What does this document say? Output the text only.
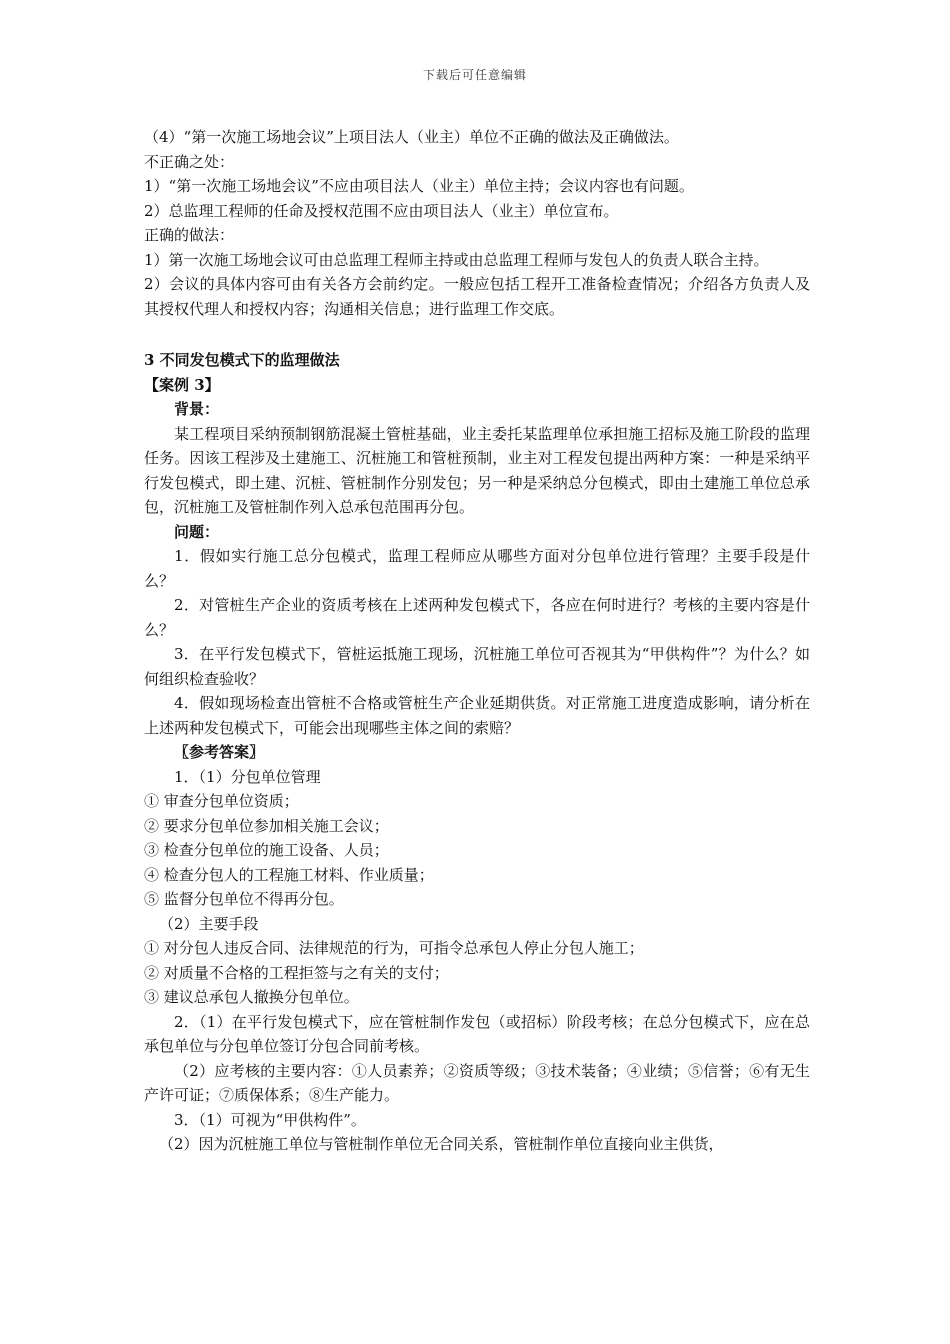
下载后可任意编辑

（4）“第一次施工场地会议”上项目法人（业主）单位不正确的做法及正确做法。

不正确之处：

1）“第一次施工场地会议”不应由项目法人（业主）单位主持；会议内容也有问题。

2）总监理工程师的任命及授权范围不应由项目法人（业主）单位宣布。

正确的做法：

1）第一次施工场地会议可由总监理工程师主持或由总监理工程师与发包人的负责人联合主持。

2）会议的具体内容可由有关各方会前约定。一般应包括工程开工准备检查情况；介绍各方负责人及其授权代理人和授权内容；沟通相关信息；进行监理工作交底。

3 不同发包模式下的监理做法

【案例 3】

背景：

某工程项目采纳预制钢筋混凝土管桩基础，业主委托某监理单位承担施工招标及施工阶段的监理任务。因该工程涉及土建施工、沉桩施工和管桩预制，业主对工程发包提出两种方案：一种是采纳平行发包模式，即土建、沉桩、管桩制作分别发包；另一种是采纳总分包模式，即由土建施工单位总承包，沉桩施工及管桩制作列入总承包范围再分包。

问题：

1．假如实行施工总分包模式，监理工程师应从哪些方面对分包单位进行管理？主要手段是什么？

2．对管桩生产企业的资质考核在上述两种发包模式下，各应在何时进行？考核的主要内容是什么？

3．在平行发包模式下，管桩运抵施工现场，沉桩施工单位可否视其为“甲供构件”？为什么？如何组织检查验收？

4．假如现场检查出管桩不合格或管桩生产企业延期供货。对正常施工进度造成影响，请分析在上述两种发包模式下，可能会出现哪些主体之间的索赔？

〖参考答案〗

1．（1）分包单位管理

① 审查分包单位资质；

② 要求分包单位参加相关施工会议；

③ 检查分包单位的施工设备、人员；

④ 检查分包人的工程施工材料、作业质量；

⑤ 监督分包单位不得再分包。

（2）主要手段

① 对分包人违反合同、法律规范的行为，可指令总承包人停止分包人施工；

② 对质量不合格的工程拒签与之有关的支付；

③ 建议总承包人撤换分包单位。

2．（1）在平行发包模式下，应在管桩制作发包（或招标）阶段考核；在总分包模式下，应在总承包单位与分包单位签订分包合同前考核。

（2）应考核的主要内容：①人员素养；②资质等级；③技术装备；④业绩；⑤信誉；⑥有无生产许可证；⑦质保体系；⑧生产能力。

3．（1）可视为“甲供构件”。

（2）因为沉桩施工单位与管桩制作单位无合同关系，管桩制作单位直接向业主供货，
